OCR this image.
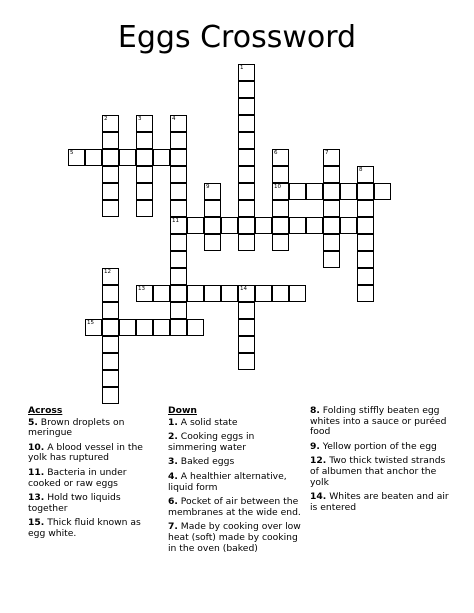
Eggs Crossword
1
2	3	4
11
5	6
10
7
8
9
12
13	14
15
Across
5. Brown droplets on meringue
10. A blood vessel in the yolk has ruptured
11. Bacteria in under cooked or raw eggs
13. Hold two liquids together
15. Thick fluid known as egg white.
Down
1. A solid state
2. Cooking eggs in simmering water
3. Baked eggs
4. A healthier alternative, liquid form
6. Pocket of air between the membranes at the wide end.
7. Made by cooking over low heat (soft) made by cooking in the oven (baked)
8. Folding stiffly beaten egg whites into a sauce or puréed food
9. Yellow portion of the egg
12. Two thick twisted strands of albumen that anchor the yolk
14. Whites are beaten and air is entered
